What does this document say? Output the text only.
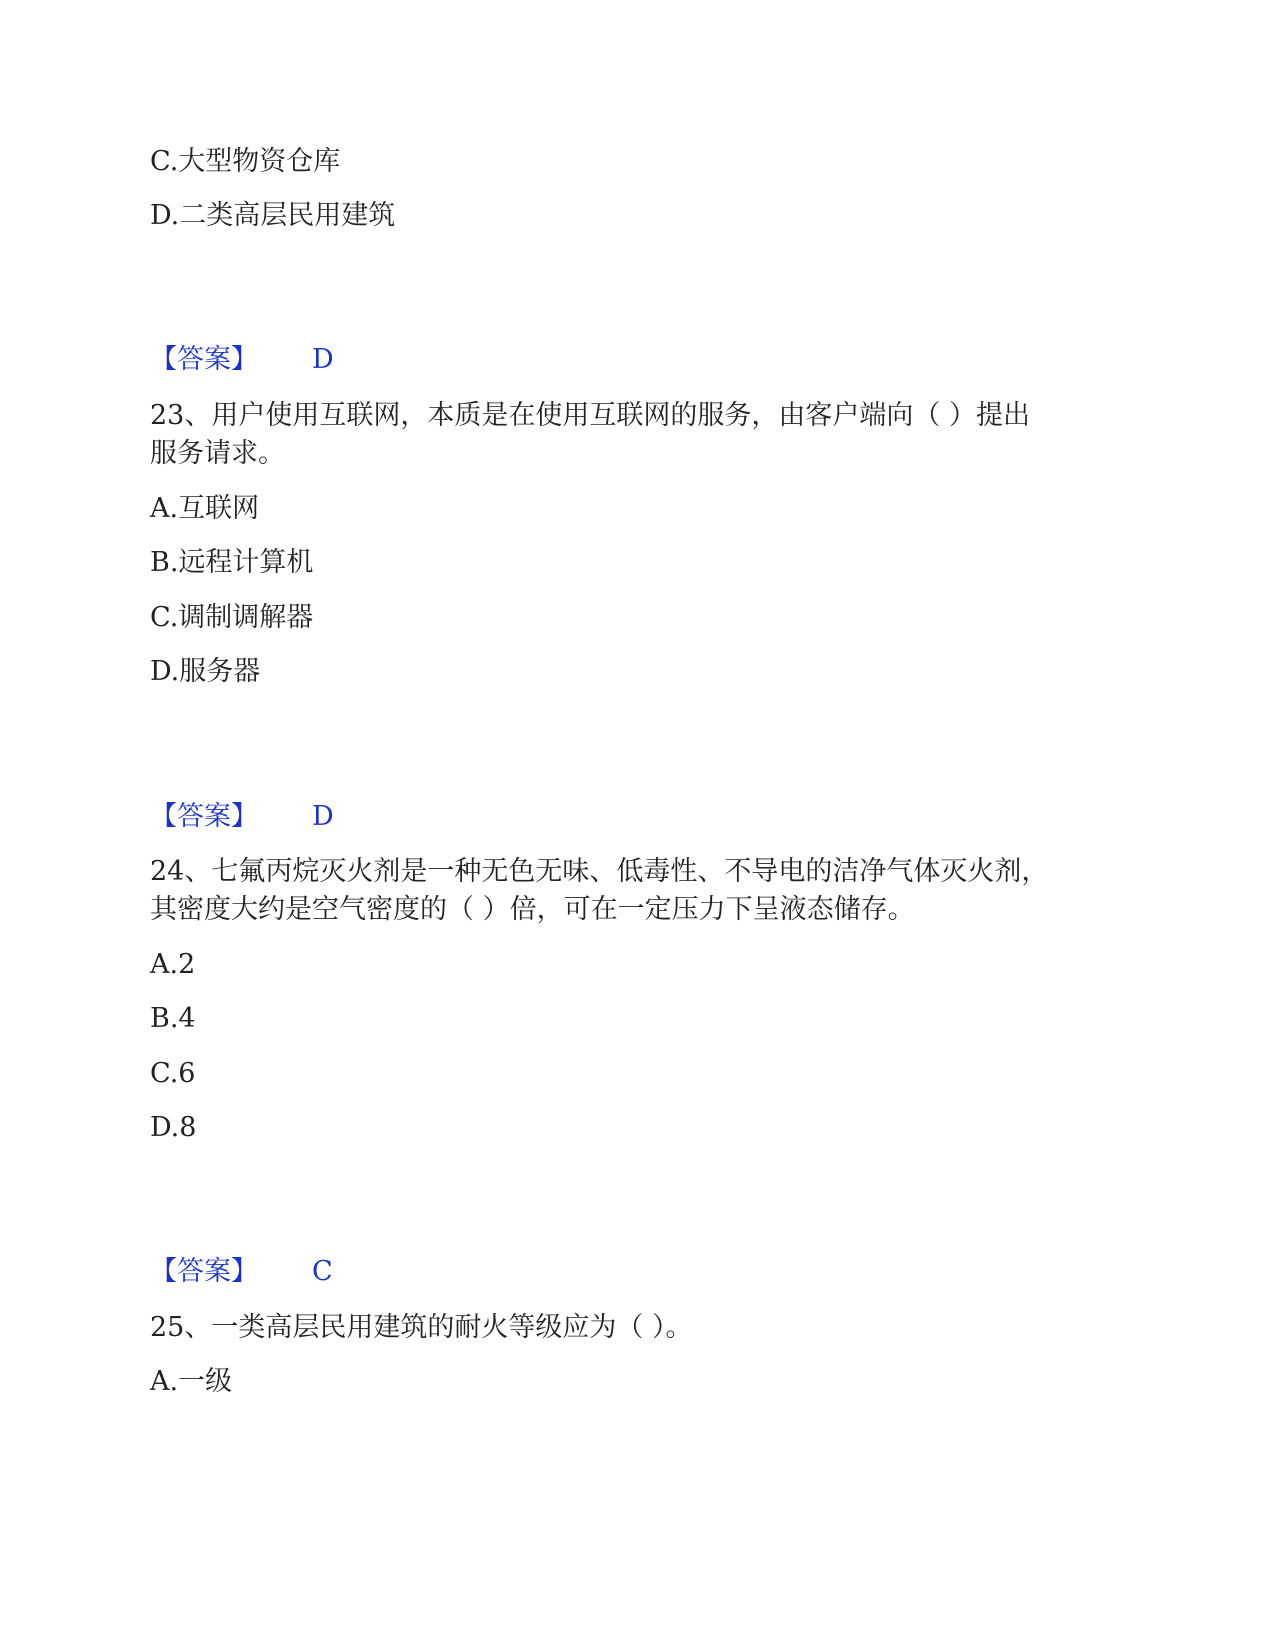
C.大型物资仓库
D.二类高层民用建筑
【答案】 D
23、用户使用互联网，本质是在使用互联网的服务，由客户端向（ ）提出
服务请求。
A.互联网
B.远程计算机
C.调制调解器
D.服务器
【答案】 D
24、七氟丙烷灭火剂是一种无色无味、低毒性、不导电的洁净气体灭火剂，
其密度大约是空气密度的（ ）倍，可在一定压力下呈液态储存。
A.2
B.4
C.6
D.8
【答案】 C
25、一类高层民用建筑的耐火等级应为（ ）。
A.一级
